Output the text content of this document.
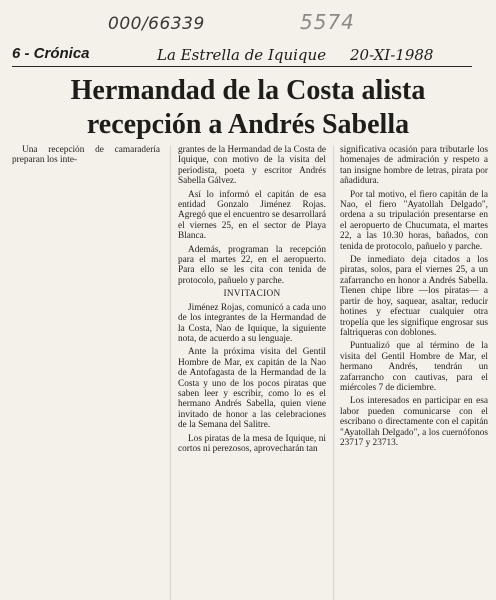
000/66339	5574
6 - Crónica	La Estrella de Iquique 20-XI-1988
Hermandad de la Costa alista
recepción a Andrés Sabella

Una recepción de camaradería preparan los inte-

grantes de la Hermandad de la Costa de Iquique, con motivo de la visita del periodista, poeta y escritor Andrés Sabella Gálvez.

Así lo informó el capitán de esa entidad Gonzalo Jiménez Rojas. Agregó que el encuentro se desarrollará el viernes 25, en el sector de Playa Blanca.

Además, programan la recepción para el martes 22, en el aeropuerto. Para ello se les cita con tenida de protocolo, pañuelo y parche.

INVITACION

Jiménez Rojas, comunicó a cada uno de los integrantes de la Hermandad de la Costa, Nao de Iquique, la siguiente nota, de acuerdo a su lenguaje.

Ante la próxima visita del Gentil Hombre de Mar, ex capitán de la Nao de Antofagasta de la Hermandad de la Costa y uno de los pocos piratas que saben leer y escribir, como lo es el hermano Andrés Sabella, quien viene invitado de honor a las celebraciones de la Semana del Salitre.

Los piratas de la mesa de Iquique, ni cortos ni perezosos, aprovecharán tan

significativa ocasión para tributarle los homenajes de admiración y respeto a tan insigne hombre de letras, pirata por añadidura.

Por tal motivo, el fiero capitán de la Nao, el fiero "Ayatollah Delgado", ordena a su tripulación presentarse en el aeropuerto de Chucumata, el martes 22, a las 10.30 horas, bañados, con tenida de protocolo, pañuelo y parche.

De inmediato deja citados a los piratas, solos, para el viernes 25, a un zafarrancho en honor a Andrés Sabella. Tienen chipe libre —los piratas— a partir de hoy, saquear, asaltar, reducir hotines y efectuar cualquier otra tropelía que les signifique engrosar sus faltriqueras con doblones.

Puntualizó que al término de la visita del Gentil Hombre de Mar, el hermano Andrés, tendrán un zafarrancho con cautivas, para el miércoles 7 de diciembre.

Los interesados en participar en esa labor pueden comunicarse con el escribano o directamente con el capitán "Ayatollah Delgado", a los cuernófonos 23717 y 23713.
